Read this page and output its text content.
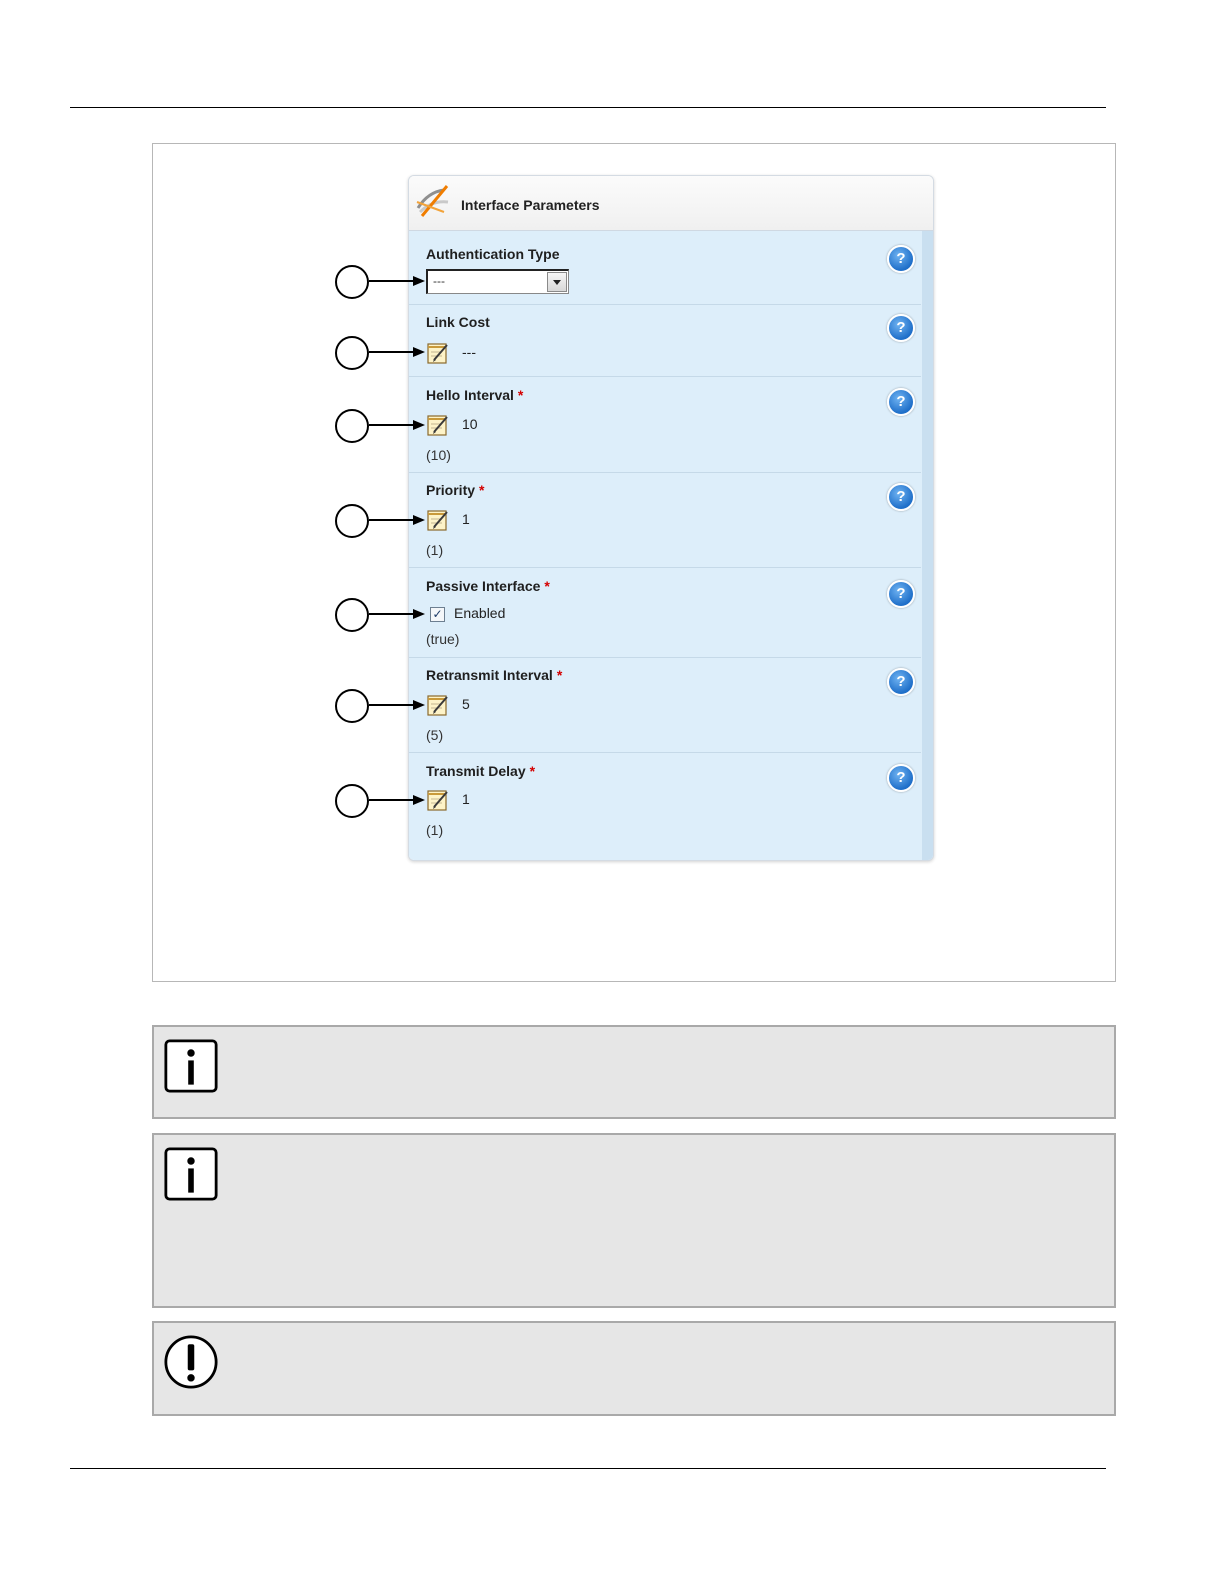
Interface Parameters
Authentication Type
---
?
Link Cost
---
?
Hello Interval *
10
(10)
?
Priority *
1
(1)
?
Passive Interface *
✓ Enabled
(true)
?
Retransmit Interval *
5
(5)
?
Transmit Delay *
1
(1)
?
